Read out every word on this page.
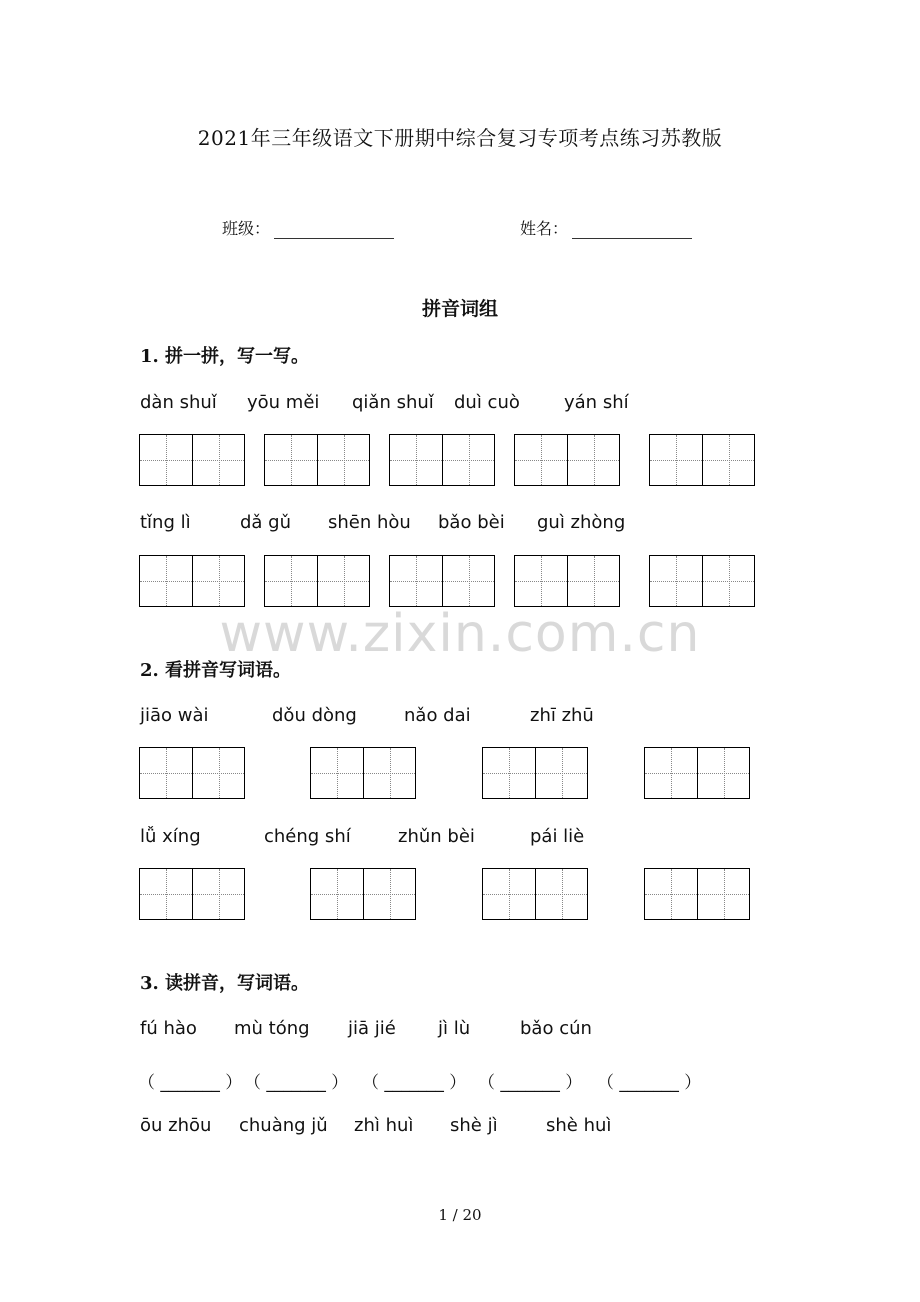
2021年三年级语文下册期中综合复习专项考点练习苏教版
班级：	姓名：
拼音词组
1. 拼一拼，写一写。
dàn shuǐ yōu měi qiǎn shuǐ duì cuò yán shí
tǐng lì	dǎ gǔ shēn hòu bǎo bèi guì zhòng
www.zixin.com.cn
2. 看拼音写词语。
jiāo wài	dǒu dòng	nǎo dai	zhī zhū
lǚ xíng	chéng shí	zhǔn bèi	pái liè
3. 读拼音，写词语。
fú hào mù tóng jiā jié jì lù	bǎo cún
（ _______ ） （ _______ ） （ _______ ） （ _______ ） （ _______ ）
ōu zhōu chuàng jǔ zhì huì shè jì	shè huì
1 / 20
